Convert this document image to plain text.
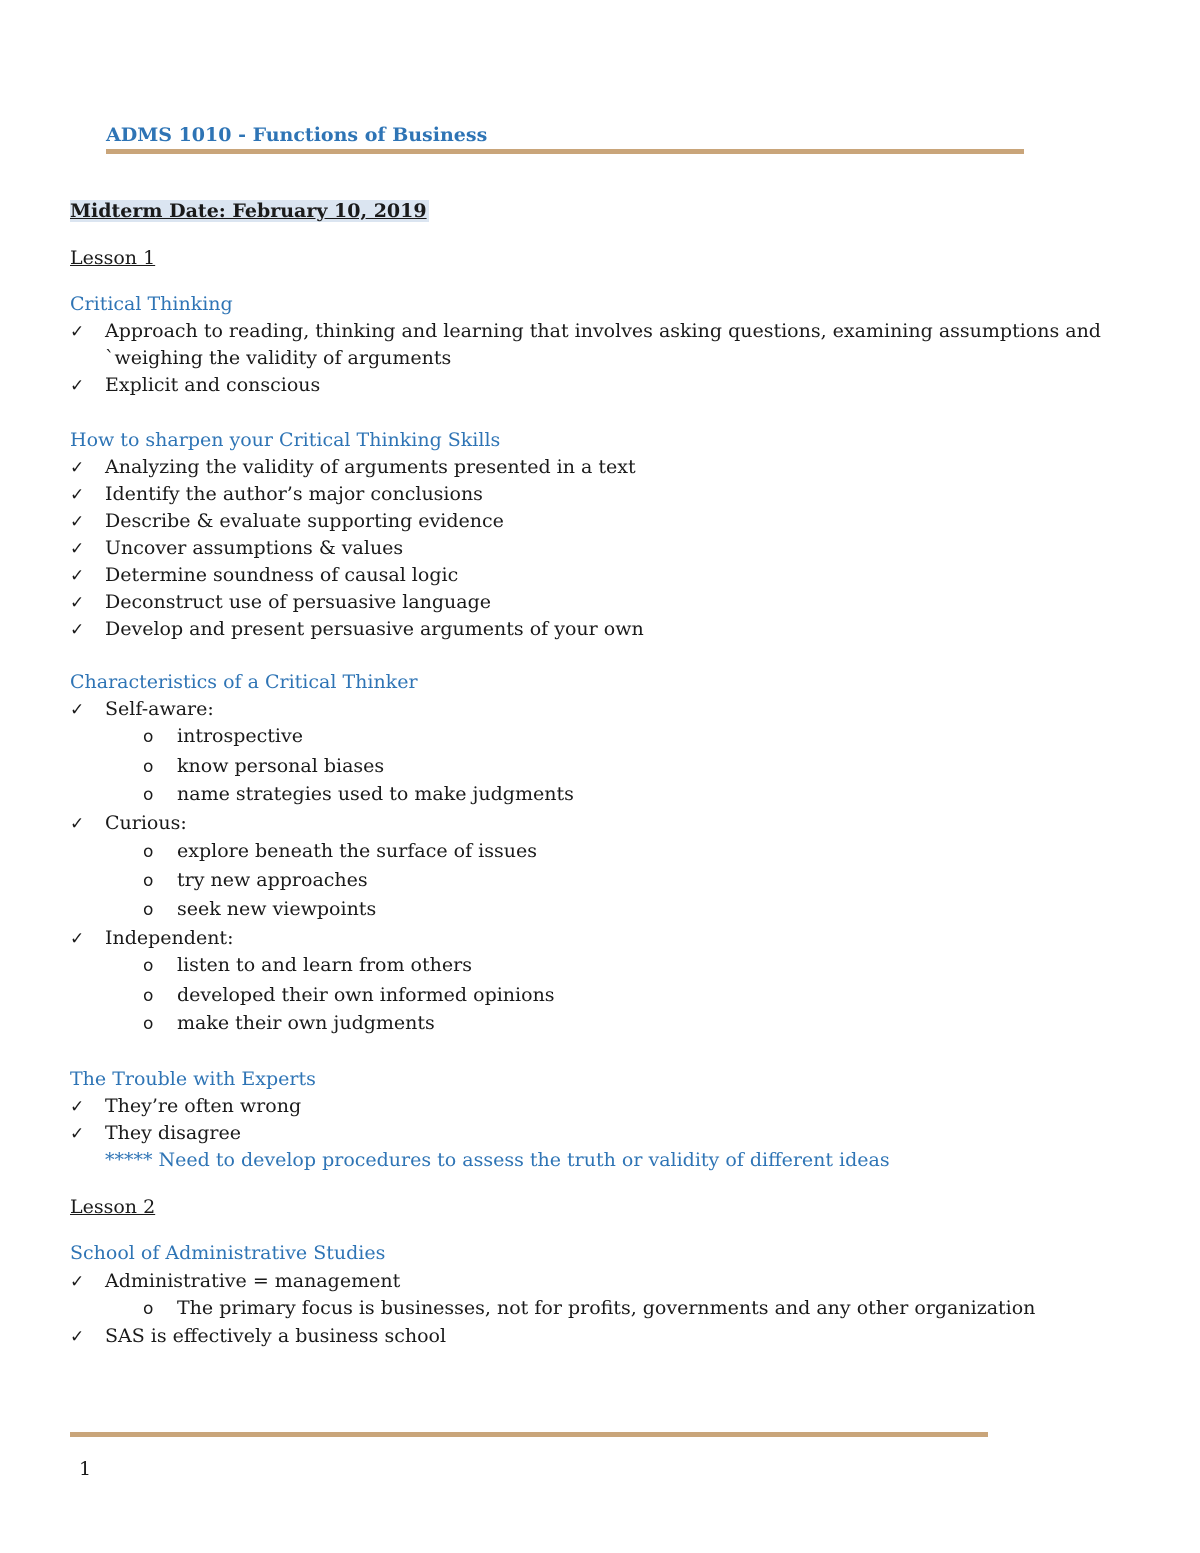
ADMS 1010 - Functions of Business
Midterm Date: February 10, 2019
Lesson 1
Critical Thinking
✓ Approach to reading, thinking and learning that involves asking questions, examining assumptions and
`weighing the validity of arguments
✓ Explicit and conscious
How to sharpen your Critical Thinking Skills
✓ Analyzing the validity of arguments presented in a text
✓ Identify the author’s major conclusions
✓ Describe & evaluate supporting evidence
✓ Uncover assumptions & values
✓ Determine soundness of causal logic
✓ Deconstruct use of persuasive language
✓ Develop and present persuasive arguments of your own
Characteristics of a Critical Thinker
✓ Self-aware:
o introspective
o know personal biases
o name strategies used to make judgments
✓ Curious:
o explore beneath the surface of issues
o try new approaches
o seek new viewpoints
✓ Independent:
o listen to and learn from others
o developed their own informed opinions
o make their own judgments
The Trouble with Experts
✓ They’re often wrong
✓ They disagree
***** Need to develop procedures to assess the truth or validity of different ideas
Lesson 2
School of Administrative Studies
✓ Administrative = management
o The primary focus is businesses, not for profits, governments and any other organization
✓ SAS is effectively a business school
1
